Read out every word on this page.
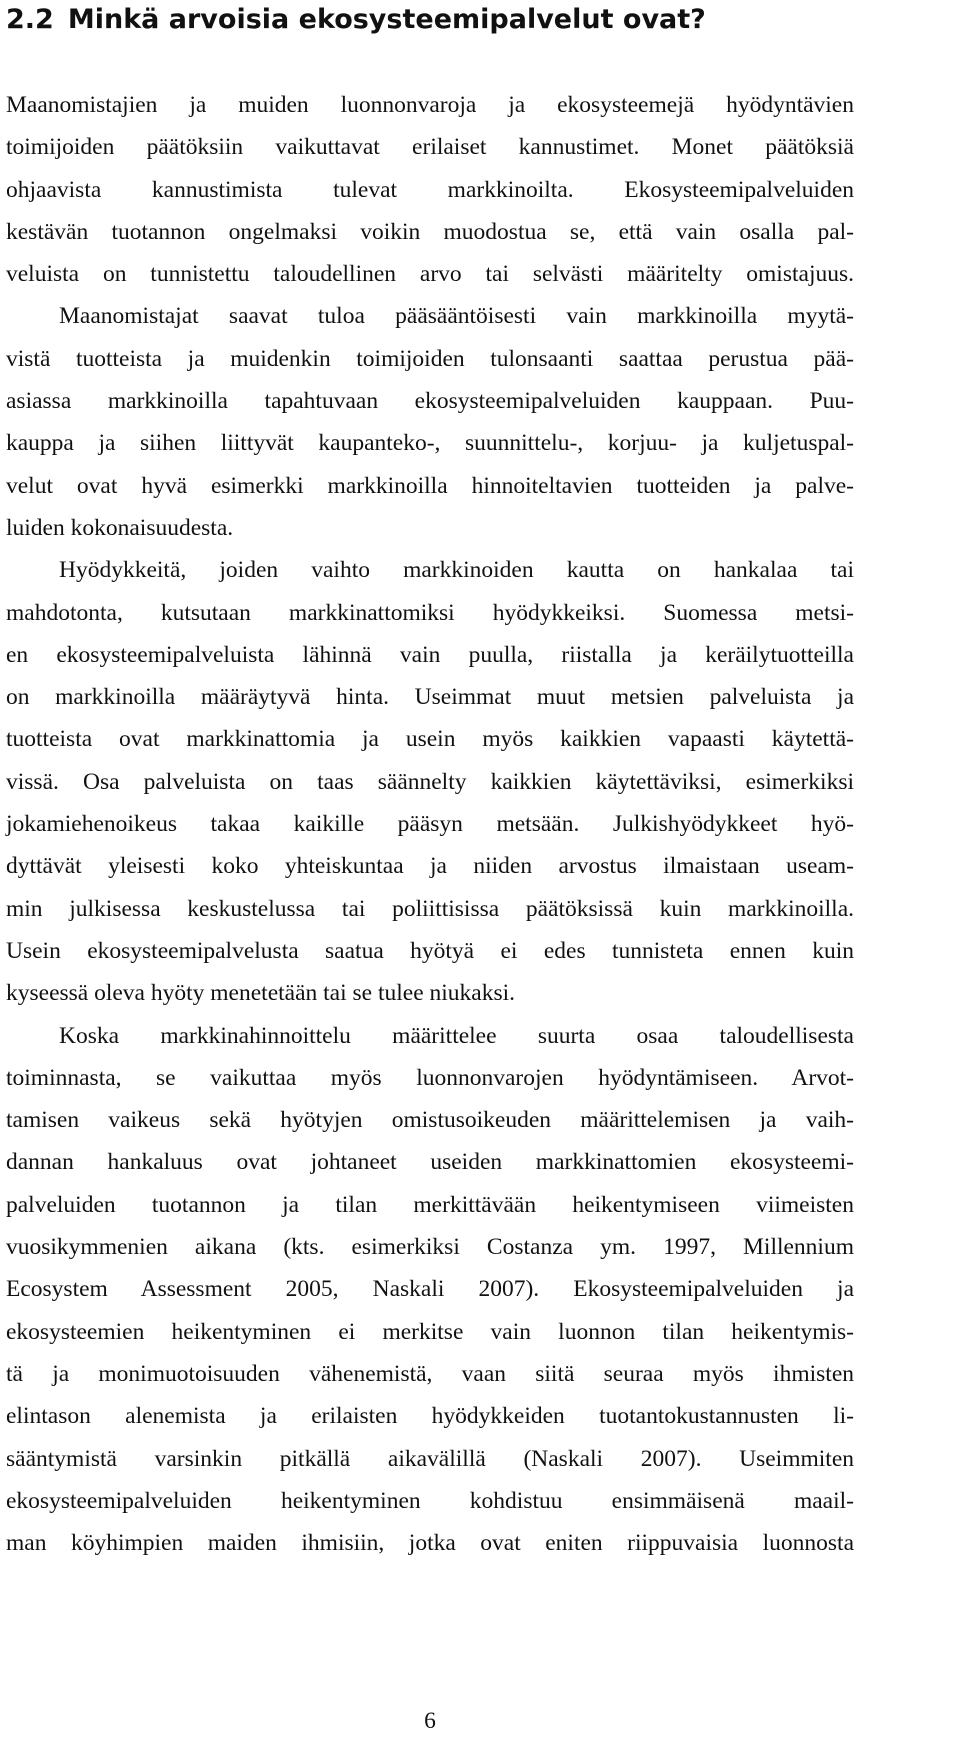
2.2 Minkä arvoisia ekosysteemipalvelut ovat?
Maanomistajien ja muiden luonnonvaroja ja ekosysteemejä hyödyntävien
toimijoiden päätöksiin vaikuttavat erilaiset kannustimet. Monet päätöksiä
ohjaavista kannustimista tulevat markkinoilta. Ekosysteemipalveluiden
kestävän tuotannon ongelmaksi voikin muodostua se, että vain osalla pal-
veluista on tunnistettu taloudellinen arvo tai selvästi määritelty omistajuus.
Maanomistajat saavat tuloa pääsääntöisesti vain markkinoilla myytä-
vistä tuotteista ja muidenkin toimijoiden tulonsaanti saattaa perustua pää-
asiassa markkinoilla tapahtuvaan ekosysteemipalveluiden kauppaan. Puu-
kauppa ja siihen liittyvät kaupanteko-, suunnittelu-, korjuu- ja kuljetuspal-
velut ovat hyvä esimerkki markkinoilla hinnoiteltavien tuotteiden ja palve-
luiden kokonaisuudesta.
Hyödykkeitä, joiden vaihto markkinoiden kautta on hankalaa tai
mahdotonta, kutsutaan markkinattomiksi hyödykkeiksi. Suomessa metsi-
en ekosysteemipalveluista lähinnä vain puulla, riistalla ja keräilytuotteilla
on markkinoilla määräytyvä hinta. Useimmat muut metsien palveluista ja
tuotteista ovat markkinattomia ja usein myös kaikkien vapaasti käytettä-
vissä. Osa palveluista on taas säännelty kaikkien käytettäviksi, esimerkiksi
jokamiehenoikeus takaa kaikille pääsyn metsään. Julkishyödykkeet hyö-
dyttävät yleisesti koko yhteiskuntaa ja niiden arvostus ilmaistaan useam-
min julkisessa keskustelussa tai poliittisissa päätöksissä kuin markkinoilla.
Usein ekosysteemipalvelusta saatua hyötyä ei edes tunnisteta ennen kuin
kyseessä oleva hyöty menetetään tai se tulee niukaksi.
Koska markkinahinnoittelu määrittelee suurta osaa taloudellisesta
toiminnasta, se vaikuttaa myös luonnonvarojen hyödyntämiseen. Arvot-
tamisen vaikeus sekä hyötyjen omistusoikeuden määrittelemisen ja vaih-
dannan hankaluus ovat johtaneet useiden markkinattomien ekosysteemi-
palveluiden tuotannon ja tilan merkittävään heikentymiseen viimeisten
vuosikymmenien aikana (kts. esimerkiksi Costanza ym. 1997, Millennium
Ecosystem Assessment 2005, Naskali 2007). Ekosysteemipalveluiden ja
ekosysteemien heikentyminen ei merkitse vain luonnon tilan heikentymis-
tä ja monimuotoisuuden vähenemistä, vaan siitä seuraa myös ihmisten
elintason alenemista ja erilaisten hyödykkeiden tuotantokustannusten li-
sääntymistä varsinkin pitkällä aikavälillä (Naskali 2007). Useimmiten
ekosysteemipalveluiden heikentyminen kohdistuu ensimmäisenä maail-
man köyhimpien maiden ihmisiin, jotka ovat eniten riippuvaisia luonnosta
6
